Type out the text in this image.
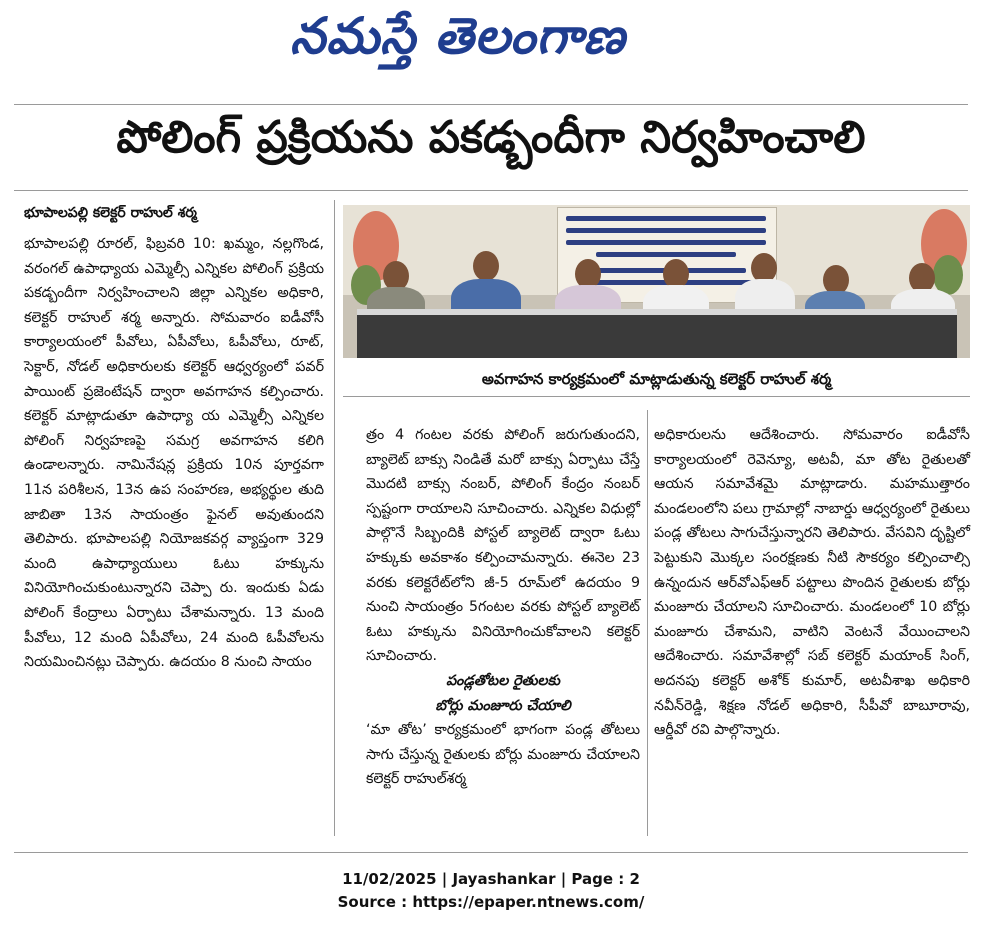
నమస్తే తెలంగాణ
పోలింగ్ ప్రక్రియను పకడ్బందీగా నిర్వహించాలి
భూపాలపల్లి కలెక్టర్ రాహుల్ శర్మ

భూపాలపల్లి రూరల్, ఫిబ్రవరి 10: ఖమ్మం, నల్లగొండ, వరంగల్ ఉపాధ్యాయ ఎమ్మెల్సీ ఎన్నికల పోలింగ్ ప్రక్రియ పకడ్బందీగా నిర్వహించాలని జిల్లా ఎన్నికల అధికారి, కలెక్టర్ రాహుల్ శర్మ అన్నారు. సోమవారం ఐడీవోసీ కార్యాలయంలో పీవోలు, ఏపీవోలు, ఓపీవోలు, రూట్, సెక్టార్, నోడల్ అధికారులకు కలెక్టర్ ఆధ్వర్యంలో పవర్ పాయింట్ ప్రజెంటేషన్ ద్వారా అవగాహన కల్పించారు. కలెక్టర్ మాట్లాడుతూ ఉపాధ్యా య ఎమ్మెల్సీ ఎన్నికల పోలింగ్ నిర్వహణపై సమగ్ర అవగాహన కలిగి ఉండాలన్నారు. నామినేషన్ల ప్రక్రియ 10న పూర్తవగా 11న పరిశీలన, 13న ఉప సంహరణ, అభ్యర్థుల తుది జాబితా 13న సాయంత్రం ఫైనల్ అవుతుందని తెలిపారు. భూపాలపల్లి నియోజకవర్గ వ్యాప్తంగా 329 మంది ఉపాధ్యాయులు ఓటు హక్కును వినియోగించుకుంటున్నారని చెప్పా రు. ఇందుకు ఏడు పోలింగ్ కేంద్రాలు ఏర్పాటు చేశామన్నారు. 13 మంది పీవోలు, 12 మంది ఏపీవోలు, 24 మంది ఓపీవోలను నియమించినట్లు చెప్పారు. ఉదయం 8 నుంచి సాయం

అవగాహన కార్యక్రమంలో మాట్లాడుతున్న కలెక్టర్ రాహుల్ శర్మ

త్రం 4 గంటల వరకు పోలింగ్ జరుగుతుందని, బ్యాలెట్ బాక్సు నిండితే మరో బాక్సు ఏర్పాటు చేస్తే మొదటి బాక్సు నంబర్, పోలింగ్ కేంద్రం నంబర్ స్పష్టంగా రాయాలని సూచించారు. ఎన్నికల విధుల్లో పాల్గొనే సిబ్బందికి పోస్టల్ బ్యాలెట్ ద్వారా ఓటు హక్కుకు అవకాశం కల్పించామన్నారు. ఈనెల 23 వరకు కలెక్టరేట్‌లోని జీ-5 రూమ్‌లో ఉదయం 9 నుంచి సాయంత్రం 5గంటల వరకు పోస్టల్ బ్యాలెట్ ఓటు హక్కును వినియోగించుకోవాలని కలెక్టర్ సూచించారు.

పండ్లతోటల రైతులకు

బోర్లు మంజూరు చేయాలి

‘మా తోట’ కార్యక్రమంలో భాగంగా పండ్ల తోటలు సాగు చేస్తున్న రైతులకు బోర్లు మంజూరు చేయాలని కలెక్టర్ రాహుల్‌శర్మ

అధికారులను ఆదేశించారు. సోమవారం ఐడీవోసీ కార్యాలయంలో రెవెన్యూ, అటవీ, మా తోట రైతులతో ఆయన సమావేశమై మాట్లాడారు. మహముత్తారం మండలంలోని పలు గ్రామాల్లో నాబార్డు ఆధ్వర్యంలో రైతులు పండ్ల తోటలు సాగుచేస్తున్నారని తెలిపారు. వేసవిని దృష్టిలో పెట్టుకుని మొక్కల సంరక్షణకు నీటి సౌకర్యం కల్పించాల్సి ఉన్నందున ఆర్‌వోఎఫ్‌ఆర్ పట్టాలు పొందిన రైతులకు బోర్లు మంజూరు చేయాలని సూచించారు. మండలంలో 10 బోర్లు మంజూరు చేశామని, వాటిని వెంటనే వేయించాలని ఆదేశించారు. సమావేశాల్లో సబ్ కలెక్టర్ మయాంక్ సింగ్, అదనపు కలెక్టర్ అశోక్ కుమార్, అటవీశాఖ అధికారి నవీన్‌రెడ్డి, శిక్షణ నోడల్ అధికారి, సీపీవో బాబూరావు, ఆర్డీవో రవి పాల్గొన్నారు.

11/02/2025 | Jayashankar | Page : 2
Source : https://epaper.ntnews.com/
